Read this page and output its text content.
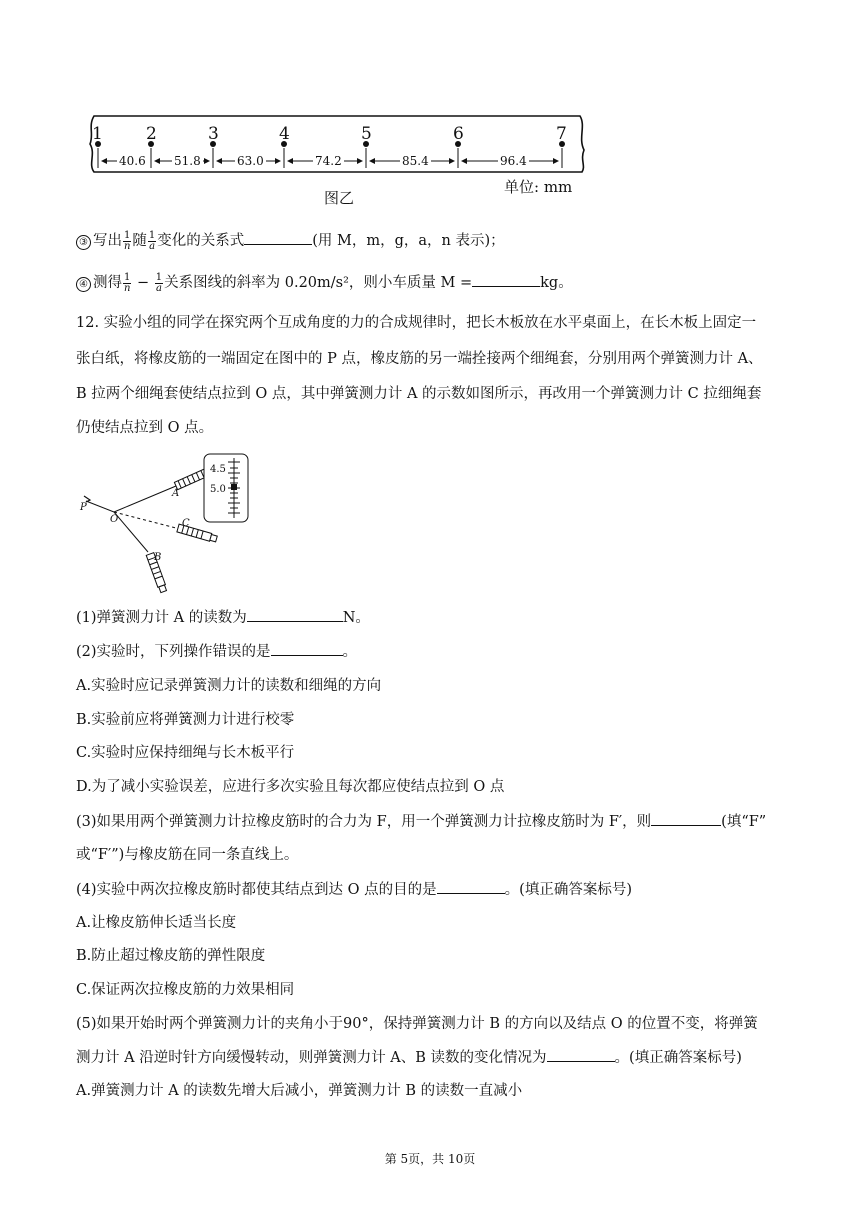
1	2	3	4	5	6	7
40.6 51.8	63.0	74.2	85.4	96.4
单位: mm
图乙
③ 写出 $\frac{1}{n}$ 随 $\frac{1}{a}$ 变化的关系式	(用 M，m，g，a，n 表示)；
④ 测得 $\frac{1}{n} - \frac{1}{a}$ 关系图线的斜率为 0.20m/s²，则小车质量 M =	kg。
12. 实验小组的同学在探究两个互成角度的力的合成规律时，把长木板放在水平桌面上，在长木板上固定一
张白纸，将橡皮筋的一端固定在图中的 P 点，橡皮筋的另一端拴接两个细绳套，分别用两个弹簧测力计 A、
B 拉两个细绳套使结点拉到 O 点，其中弹簧测力计 A 的示数如图所示，再改用一个弹簧测力计 C 拉细绳套
仍使结点拉到 O 点。
4.5
5.0
P
O
A
B
C
(1)弹簧测力计 A 的读数为	N。
(2)实验时，下列操作错误的是	。
A.实验时应记录弹簧测力计的读数和细绳的方向
B.实验前应将弹簧测力计进行校零
C.实验时应保持细绳与长木板平行
D.为了减小实验误差，应进行多次实验且每次都应使结点拉到 O 点
(3)如果用两个弹簧测力计拉橡皮筋时的合力为 F，用一个弹簧测力计拉橡皮筋时为 F′，则	(填“F”
或“F′”)与橡皮筋在同一条直线上。
(4)实验中两次拉橡皮筋时都使其结点到达 O 点的目的是	。(填正确答案标号)
A.让橡皮筋伸长适当长度
B.防止超过橡皮筋的弹性限度
C.保证两次拉橡皮筋的力效果相同
(5)如果开始时两个弹簧测力计的夹角小于90°，保持弹簧测力计 B 的方向以及结点 O 的位置不变，将弹簧
测力计 A 沿逆时针方向缓慢转动，则弹簧测力计 A、B 读数的变化情况为	。(填正确答案标号)
A.弹簧测力计 A 的读数先增大后减小，弹簧测力计 B 的读数一直减小
第 5页，共 10页
